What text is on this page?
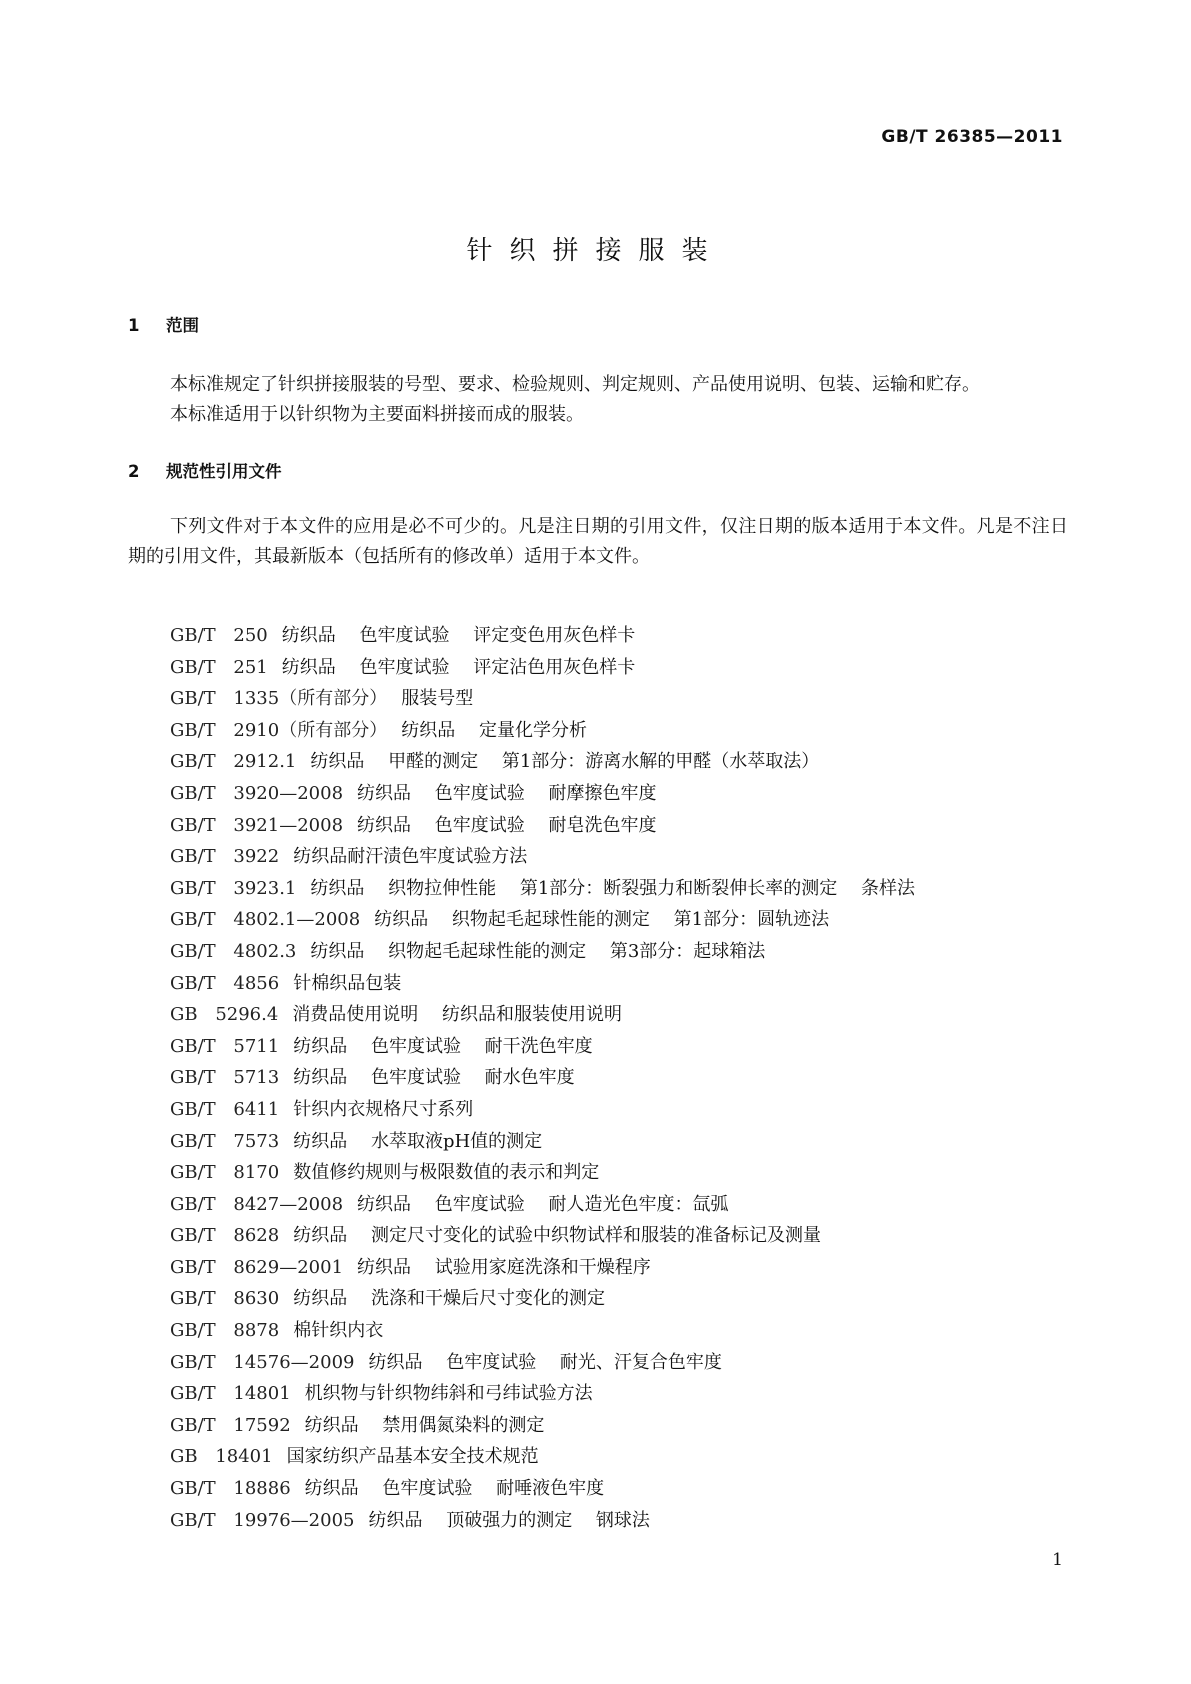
GB/T 26385—2011
针织拼接服装
1 范围
本标准规定了针织拼接服装的号型、要求、检验规则、判定规则、产品使用说明、包装、运输和贮存。
本标准适用于以针织物为主要面料拼接而成的服装。
2 规范性引用文件

下列文件对于本文件的应用是必不可少的。凡是注日期的引用文件，仅注日期的版本适用于本文件。凡是不注日期的引用文件，其最新版本（包括所有的修改单）适用于本文件。

GB/T 250 纺织品 色牢度试验 评定变色用灰色样卡
GB/T 251 纺织品 色牢度试验 评定沾色用灰色样卡
GB/T 1335（所有部分） 服装号型
GB/T 2910（所有部分） 纺织品 定量化学分析
GB/T 2912.1 纺织品 甲醛的测定 第1部分：游离水解的甲醛（水萃取法）
GB/T 3920—2008 纺织品 色牢度试验 耐摩擦色牢度
GB/T 3921—2008 纺织品 色牢度试验 耐皂洗色牢度
GB/T 3922 纺织品耐汗渍色牢度试验方法
GB/T 3923.1 纺织品 织物拉伸性能 第1部分：断裂强力和断裂伸长率的测定 条样法
GB/T 4802.1—2008 纺织品 织物起毛起球性能的测定 第1部分：圆轨迹法
GB/T 4802.3 纺织品 织物起毛起球性能的测定 第3部分：起球箱法
GB/T 4856 针棉织品包装
GB 5296.4 消费品使用说明 纺织品和服装使用说明
GB/T 5711 纺织品 色牢度试验 耐干洗色牢度
GB/T 5713 纺织品 色牢度试验 耐水色牢度
GB/T 6411 针织内衣规格尺寸系列
GB/T 7573 纺织品 水萃取液pH值的测定
GB/T 8170 数值修约规则与极限数值的表示和判定
GB/T 8427—2008 纺织品 色牢度试验 耐人造光色牢度：氙弧
GB/T 8628 纺织品 测定尺寸变化的试验中织物试样和服装的准备标记及测量
GB/T 8629—2001 纺织品 试验用家庭洗涤和干燥程序
GB/T 8630 纺织品 洗涤和干燥后尺寸变化的测定
GB/T 8878 棉针织内衣
GB/T 14576—2009 纺织品 色牢度试验 耐光、汗复合色牢度
GB/T 14801 机织物与针织物纬斜和弓纬试验方法
GB/T 17592 纺织品 禁用偶氮染料的测定
GB 18401 国家纺织产品基本安全技术规范
GB/T 18886 纺织品 色牢度试验 耐唾液色牢度
GB/T 19976—2005 纺织品 顶破强力的测定 钢球法
1
